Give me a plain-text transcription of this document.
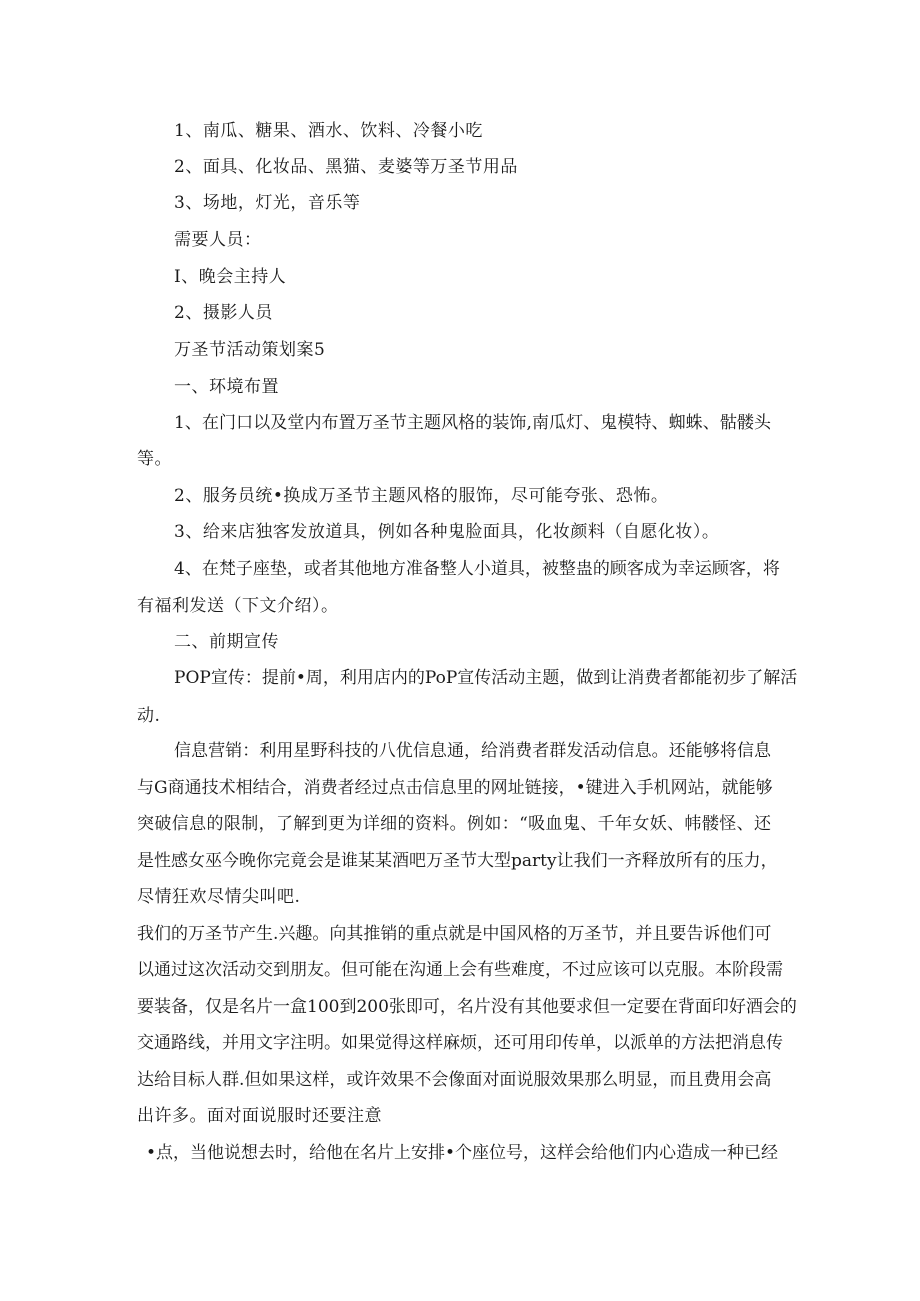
1、南瓜、糖果、酒水、饮料、冷餐小吃
2、面具、化妆品、黑猫、麦婆等万圣节用品
3、场地，灯光，音乐等
需要人员：
I、晚会主持人
2、摄影人员
万圣节活动策划案5
一、环境布置
1、在门口以及堂内布置万圣节主题风格的装饰,南瓜灯、鬼模特、蜘蛛、骷髅头
等。
2、服务员统•换成万圣节主题风格的服饰，尽可能夸张、恐怖。
3、给来店独客发放道具，例如各种鬼脸面具，化妆颜料（自愿化妆）。
4、在梵子座垫，或者其他地方准备整人小道具，被整蛊的顾客成为幸运顾客，将
有福利发送（下文介绍）。
二、前期宣传
POP宣传：提前•周，利用店内的PoP宣传活动主题，做到让消费者都能初步了解活
动.
信息营销：利用星野科技的八优信息通，给消费者群发活动信息。还能够将信息
与G商通技术相结合，消费者经过点击信息里的网址链接，•键进入手机网站，就能够
突破信息的限制，了解到更为详细的资料。例如：“吸血鬼、千年女妖、帏髅怪、还
是性感女巫今晚你完竟会是谁某某酒吧万圣节大型party让我们一齐释放所有的压力，
尽情狂欢尽情尖叫吧.
我们的万圣节产生.兴趣。向其推销的重点就是中国风格的万圣节，并且要告诉他们可
以通过这次活动交到朋友。但可能在沟通上会有些难度，不过应该可以克服。本阶段需
要装备，仅是名片一盒100到200张即可，名片没有其他要求但一定要在背面印好酒会的
交通路线，并用文字注明。如果觉得这样麻烦，还可用印传单，以派单的方法把消息传
达给目标人群.但如果这样，或许效果不会像面对面说服效果那么明显，而且费用会高
出许多。面对面说服时还要注意
•点，当他说想去时，给他在名片上安排•个座位号，这样会给他们内心造成一种已经
